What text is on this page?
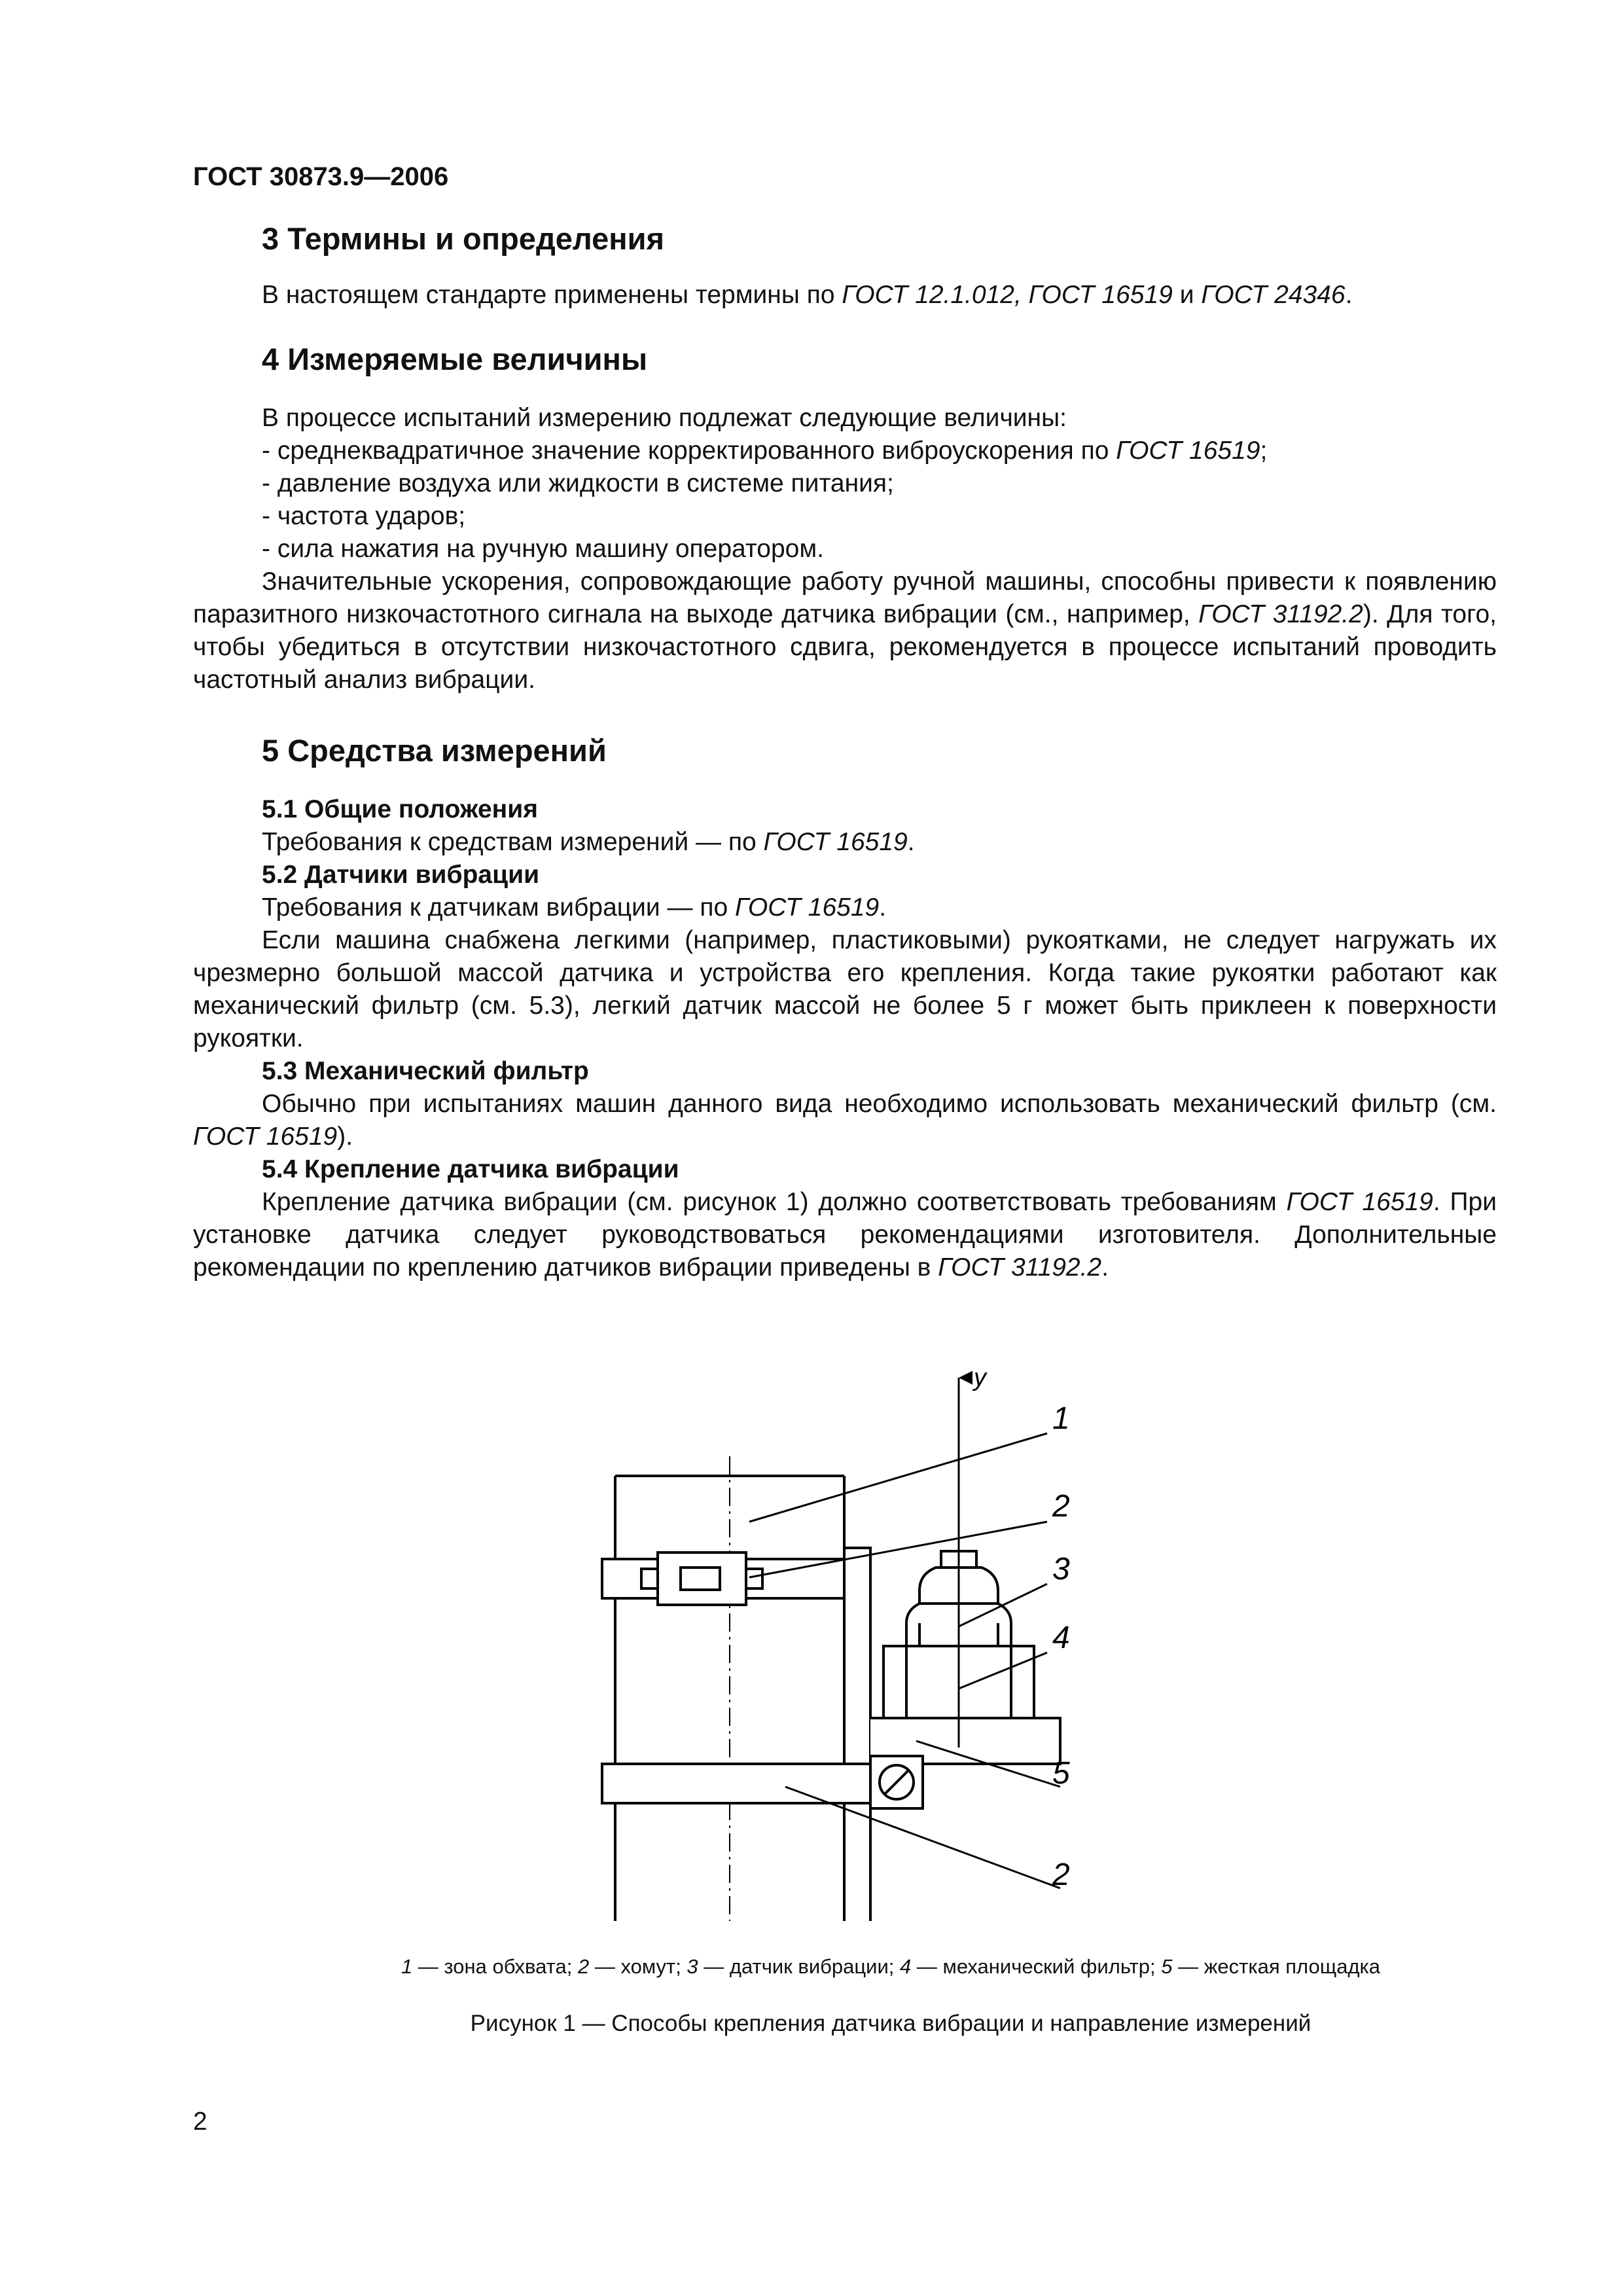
ГОСТ 30873.9—2006

3 Термины и определения

В настоящем стандарте применены термины по ГОСТ 12.1.012, ГОСТ 16519 и ГОСТ 24346.

4 Измеряемые величины

В процессе испытаний измерению подлежат следующие величины:

- среднеквадратичное значение корректированного виброускорения по ГОСТ 16519;

- давление воздуха или жидкости в системе питания;

- частота ударов;

- сила нажатия на ручную машину оператором.

Значительные ускорения, сопровождающие работу ручной машины, способны привести к появлению паразитного низкочастотного сигнала на выходе датчика вибрации (см., например, ГОСТ 31192.2). Для того, чтобы убедиться в отсутствии низкочастотного сдвига, рекомендуется в процессе испытаний проводить частотный анализ вибрации.

5 Средства измерений

5.1 Общие положения

Требования к средствам измерений — по ГОСТ 16519.

5.2 Датчики вибрации

Требования к датчикам вибрации — по ГОСТ 16519.

Если машина снабжена легкими (например, пластиковыми) рукоятками, не следует нагружать их чрезмерно большой массой датчика и устройства его крепления. Когда такие рукоятки работают как механический фильтр (см. 5.3), легкий датчик массой не более 5 г может быть приклеен к поверхности рукоятки.

5.3 Механический фильтр

Обычно при испытаниях машин данного вида необходимо использовать механический фильтр (см. ГОСТ 16519).

5.4 Крепление датчика вибрации

Крепление датчика вибрации (см. рисунок 1) должно соответствовать требованиям ГОСТ 16519. При установке датчика следует руководствоваться рекомендациями изготовителя. Дополнительные рекомендации по креплению датчиков вибрации приведены в ГОСТ 31192.2.

y
1
2
3
4
5
2
1 — зона обхвата; 2 — хомут; 3 — датчик вибрации; 4 — механический фильтр; 5 — жесткая площадка
Рисунок 1 — Способы крепления датчика вибрации и направление измерений
2
